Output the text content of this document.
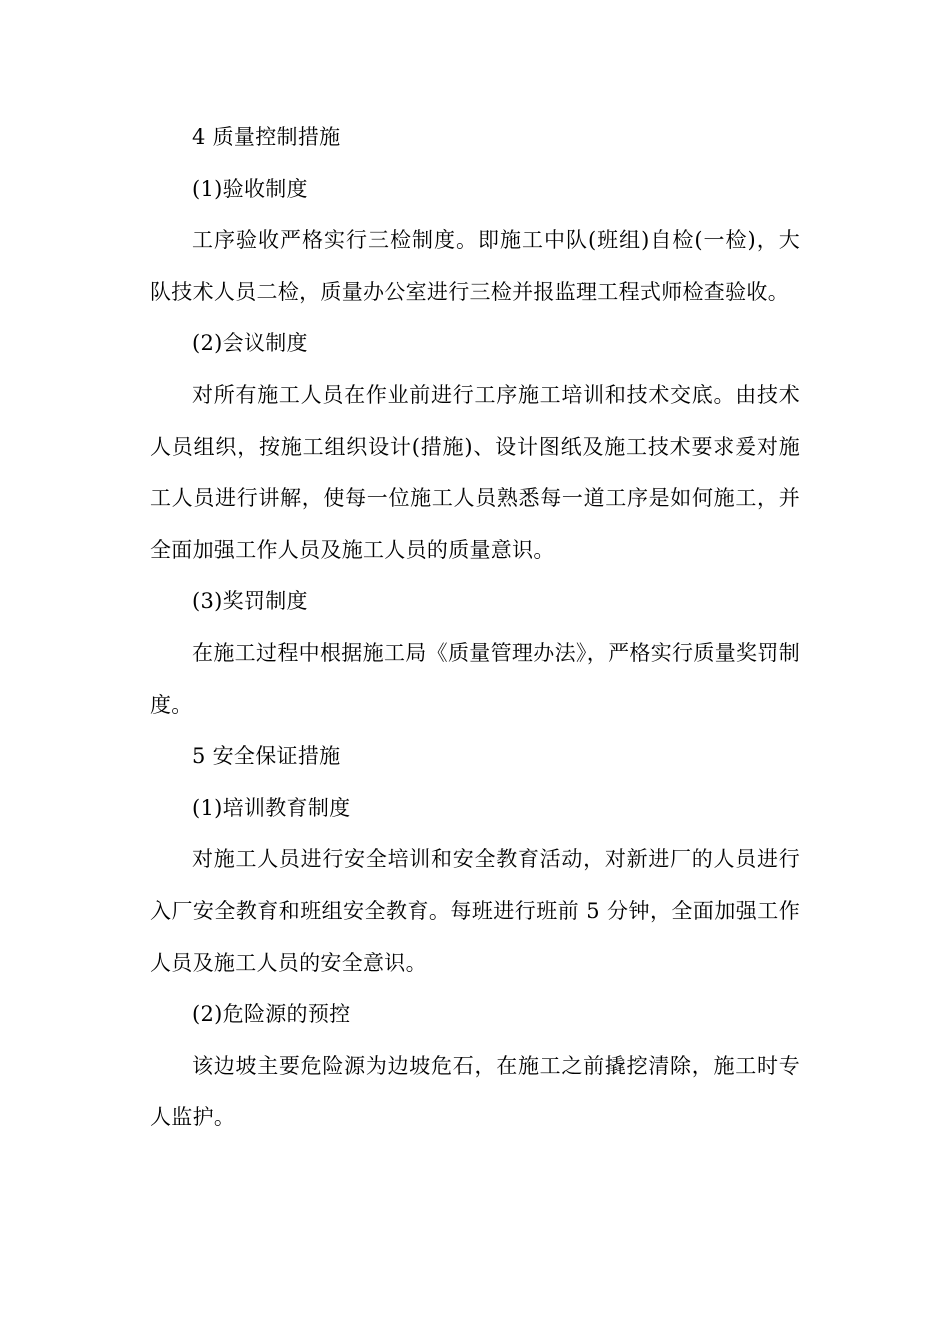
4 质量控制措施

(1)验收制度

工序验收严格实行三检制度。即施工中队(班组)自检(一检)，大队技术人员二检，质量办公室进行三检并报监理工程式师检查验收。

(2)会议制度

对所有施工人员在作业前进行工序施工培训和技术交底。由技术人员组织，按施工组织设计(措施)、设计图纸及施工技术要求爰对施工人员进行讲解，使每一位施工人员熟悉每一道工序是如何施工，并全面加强工作人员及施工人员的质量意识。

(3)奖罚制度

在施工过程中根据施工局《质量管理办法》，严格实行质量奖罚制度。

5 安全保证措施

(1)培训教育制度

对施工人员进行安全培训和安全教育活动，对新进厂的人员进行入厂安全教育和班组安全教育。每班进行班前 5 分钟，全面加强工作人员及施工人员的安全意识。

(2)危险源的预控

该边坡主要危险源为边坡危石，在施工之前撬挖清除，施工时专人监护。
